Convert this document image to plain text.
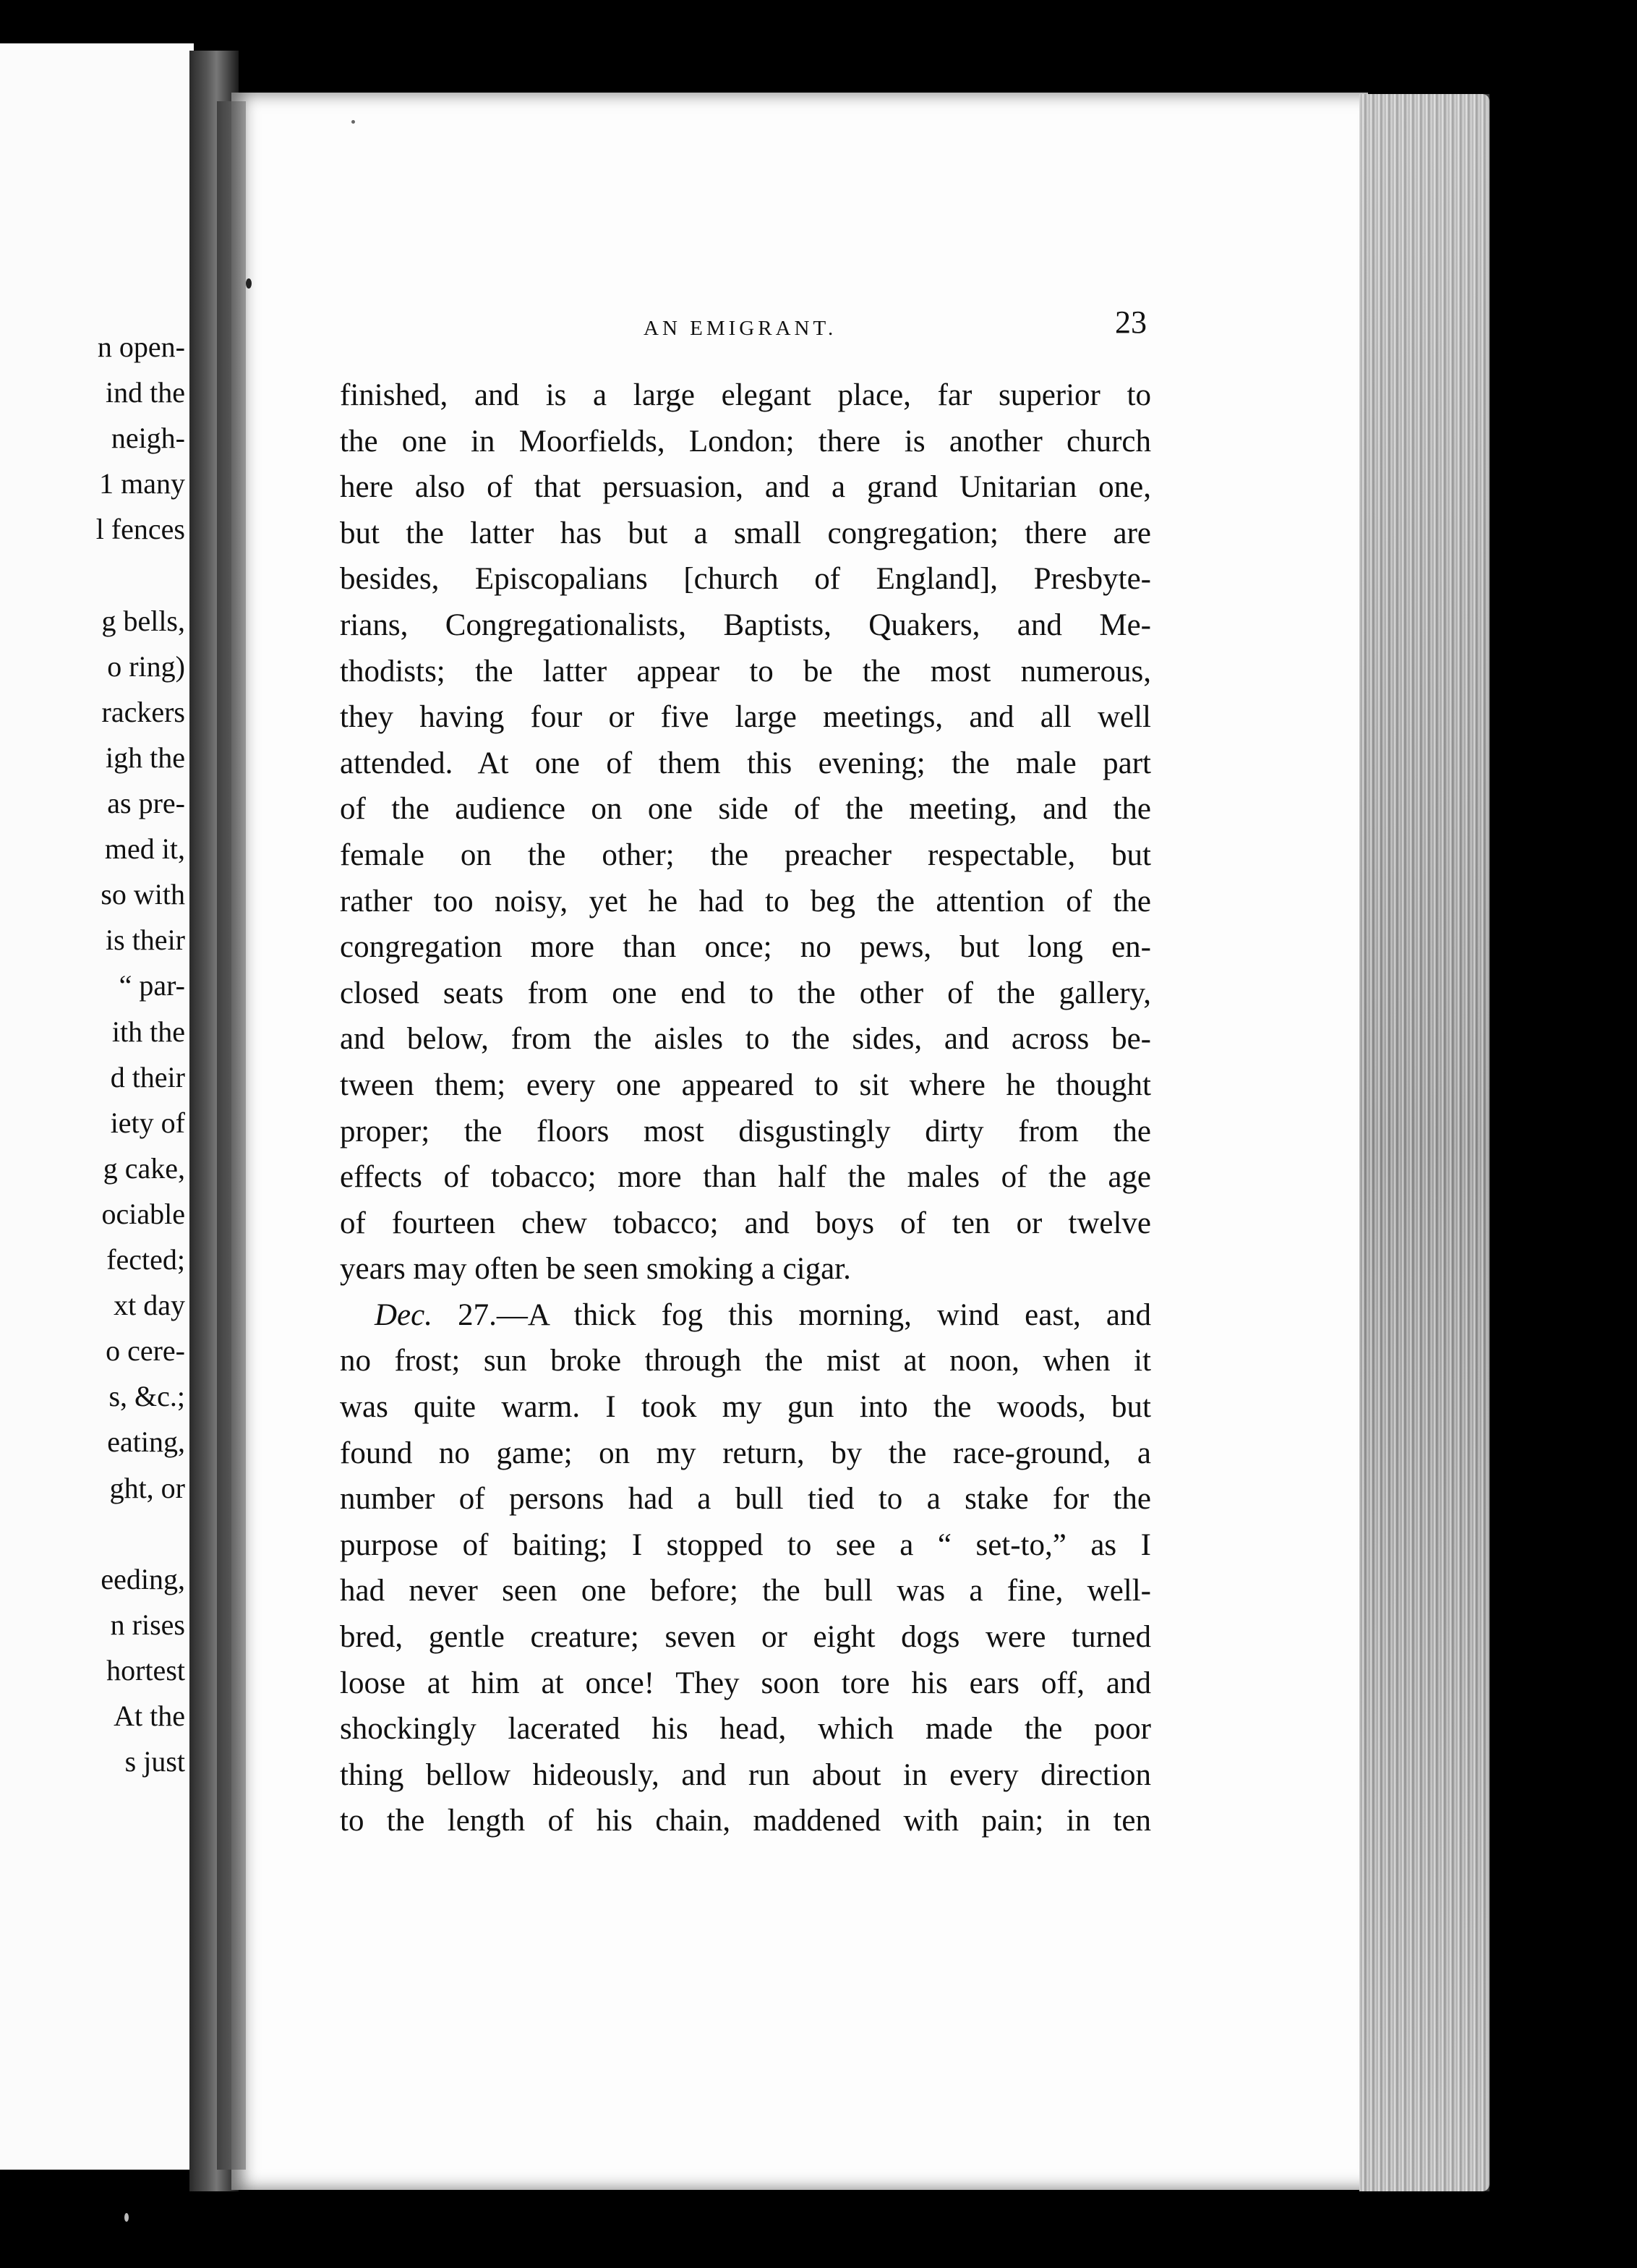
n open-
ind the
neigh-
1 many
l fences
g bells,
o ring)
rackers
igh the
as pre-
med it,
so with
is their
“ par-
ith the
d their
iety of
g cake,
ociable
fected;
xt day
o cere-
s, &c.;
eating,
ght, or
eeding,
n rises
hortest
At the
s just
AN EMIGRANT.	23
finished, and is a large elegant place, far superior to
the one in Moorfields, London; there is another church
here also of that persuasion, and a grand Unitarian one,
but the latter has but a small congregation; there are
besides, Episcopalians [church of England], Presbyte-
rians, Congregationalists, Baptists, Quakers, and Me-
thodists; the latter appear to be the most numerous,
they having four or five large meetings, and all well
attended. At one of them this evening; the male part
of the audience on one side of the meeting, and the
female on the other; the preacher respectable, but
rather too noisy, yet he had to beg the attention of the
congregation more than once; no pews, but long en-
closed seats from one end to the other of the gallery,
and below, from the aisles to the sides, and across be-
tween them; every one appeared to sit where he thought
proper; the floors most disgustingly dirty from the
effects of tobacco; more than half the males of the age
of fourteen chew tobacco; and boys of ten or twelve
years may often be seen smoking a cigar.
Dec. 27.—A thick fog this morning, wind east, and
no frost; sun broke through the mist at noon, when it
was quite warm. I took my gun into the woods, but
found no game; on my return, by the race-ground, a
number of persons had a bull tied to a stake for the
purpose of baiting; I stopped to see a “ set-to,” as I
had never seen one before; the bull was a fine, well-
bred, gentle creature; seven or eight dogs were turned
loose at him at once! They soon tore his ears off, and
shockingly lacerated his head, which made the poor
thing bellow hideously, and run about in every direction
to the length of his chain, maddened with pain; in ten
